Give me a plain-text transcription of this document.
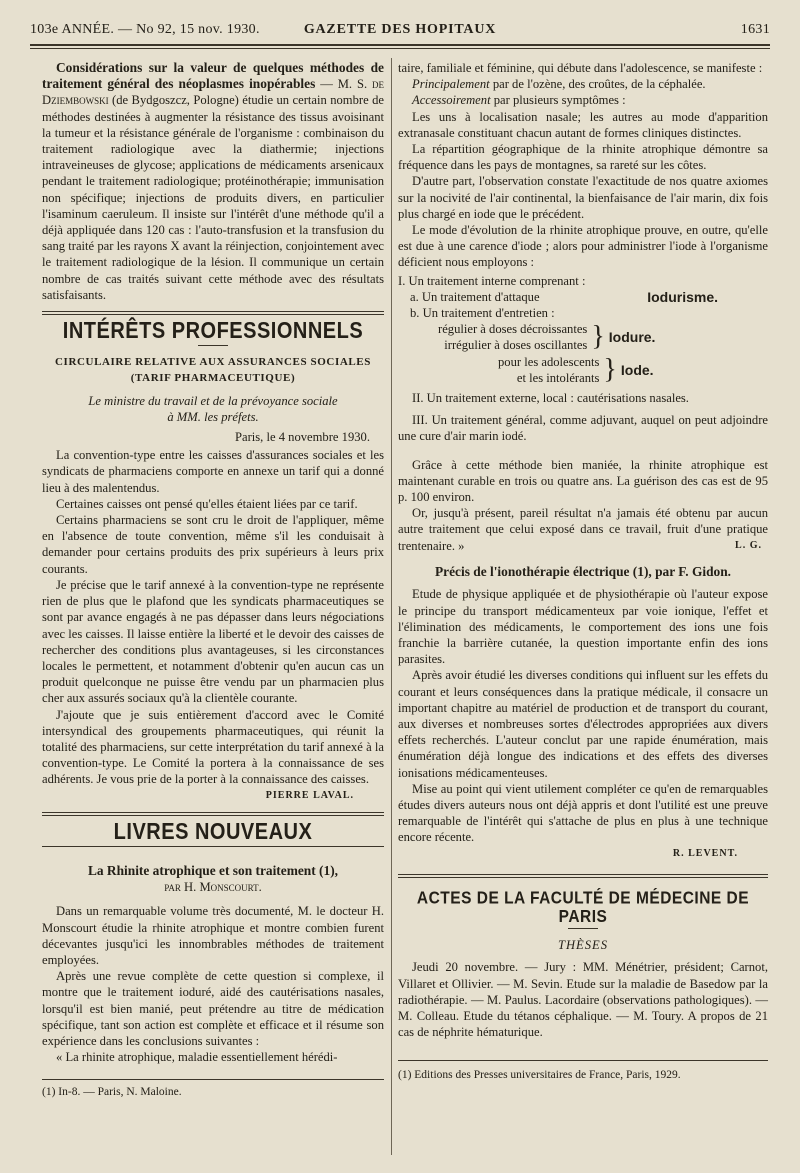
103e ANNÉE. — No 92, 15 nov. 1930.	GAZETTE DES HOPITAUX	1631

Considérations sur la valeur de quelques méthodes de traitement général des néoplasmes inopérables — M. S. de Dziembowski (de Bydgoszcz, Pologne) étudie un certain nombre de méthodes destinées à augmenter la résistance des tissus avoisinant la tumeur et la résistance générale de l'organisme : combinaison du traitement radiologique avec la diathermie; injections intraveineuses de glycose; applications de médicaments arsenicaux pendant le traitement radiologique; protéinothérapie; immunisation non spécifique; injections de produits divers, en particulier l'isaminum caeruleum. Il insiste sur l'intérêt d'une méthode qu'il a déjà appliquée dans 120 cas : l'auto-transfusion et la transfusion du sang traité par les rayons X avant la réinjection, conjointement avec le traitement radiologique de la lésion. Il communique un certain nombre de cas traités suivant cette méthode avec des résultats satisfaisants.

INTÉRÊTS PROFESSIONNELS
CIRCULAIRE RELATIVE AUX ASSURANCES SOCIALES
(TARIF PHARMACEUTIQUE)

Le ministre du travail et de la prévoyance sociale

à MM. les préfets.

Paris, le 4 novembre 1930.

La convention-type entre les caisses d'assurances sociales et les syndicats de pharmaciens comporte en annexe un tarif qui a donné lieu à des malentendus.

Certaines caisses ont pensé qu'elles étaient liées par ce tarif.

Certains pharmaciens se sont cru le droit de l'appliquer, même en l'absence de toute convention, même s'il les conduisait à demander pour certains produits des prix supérieurs à leurs prix courants.

Je précise que le tarif annexé à la convention-type ne représente rien de plus que le plafond que les syndicats pharmaceutiques se sont par avance engagés à ne pas dépasser dans leurs négociations avec les caisses. Il laisse entière la liberté et le devoir des caisses de rechercher des conditions plus avantageuses, si les circonstances locales le permettent, et notamment d'obtenir qu'en aucun cas un produit quelconque ne puisse être vendu par un pharmacien plus cher aux assurés sociaux qu'à la clientèle courante.

J'ajoute que je suis entièrement d'accord avec le Comité intersyndical des groupements pharmaceutiques, qui réunit la totalité des pharmaciens, sur cette interprétation du tarif annexé à la convention-type. Le Comité la portera à la connaissance de ses adhérents. Je vous prie de la porter à la connaissance des caisses.

PIERRE LAVAL.

LIVRES NOUVEAUX

La Rhinite atrophique et son traitement (1),

par H. Monscourt.

Dans un remarquable volume très documenté, M. le docteur H. Monscourt étudie la rhinite atrophique et montre combien furent décevantes jusqu'ici les innombrables méthodes de traitement employées.

Après une revue complète de cette question si complexe, il montre que le traitement ioduré, aidé des cautérisations nasales, lorsqu'il est bien manié, peut prétendre au titre de médication spécifique, tant son action est complète et efficace et il résume son expérience dans les conclusions suivantes :

« La rhinite atrophique, maladie essentiellement hérédi-

(1) In-8. — Paris, N. Maloine.

taire, familiale et féminine, qui débute dans l'adolescence, se manifeste :

Principalement par de l'ozène, des croûtes, de la céphalée.

Accessoirement par plusieurs symptômes :

Les uns à localisation nasale; les autres au mode d'apparition extranasale constituant chacun autant de formes cliniques distinctes.

La répartition géographique de la rhinite atrophique démontre sa fréquence dans les pays de montagnes, sa rareté sur les côtes.

D'autre part, l'observation constate l'exactitude de nos quatre axiomes sur la nocivité de l'air continental, la bienfaisance de l'air marin, dix fois plus chargé en iode que le précédent.

Le mode d'évolution de la rhinite atrophique prouve, en outre, qu'elle est due à une carence d'iode ; alors pour administrer l'iode à l'organisme déficient nous employons :

I. Un traitement interne comprenant :

a. Un traitement d'attaque	Iodurisme.

b. Un traitement d'entretien :

régulier à doses décroissantes
irrégulier à doses oscillantes } Iodure.
pour les adolescents
et les intolérants } Iode.

II. Un traitement externe, local : cautérisations nasales.

III. Un traitement général, comme adjuvant, auquel on peut adjoindre une cure d'air marin iodé.

Grâce à cette méthode bien maniée, la rhinite atrophique est maintenant curable en trois ou quatre ans. La guérison des cas est de 95 p. 100 environ.

Or, jusqu'à présent, pareil résultat n'a jamais été obtenu par aucun autre traitement que celui exposé dans ce travail, fruit d'une pratique trentenaire. »	L. G.

Précis de l'ionothérapie électrique (1), par F. Gidon.

Etude de physique appliquée et de physiothérapie où l'auteur expose le principe du transport médicamenteux par voie ionique, l'effet et l'élimination des médicaments, le comportement des ions une fois franchie la barrière cutanée, la question importante enfin des ions parasites.

Après avoir étudié les diverses conditions qui influent sur les effets du courant et leurs conséquences dans la pratique médicale, il consacre un important chapitre au matériel de production et de transport du courant, aux diverses et nombreuses sortes d'électrodes appropriées aux divers effets recherchés. L'auteur conclut par une rapide énumération, mais énumération déjà longue des indications et des effets des diverses ionisations médicamenteuses.

Mise au point qui vient utilement compléter ce qu'en de remarquables études divers auteurs nous ont déjà appris et dont l'utilité est une preuve remarquable de l'intérêt qui s'attache de plus en plus à une technique encore récente.

R. LEVENT.

ACTES DE LA FACULTÉ DE MÉDECINE DE PARIS

THÈSES

Jeudi 20 novembre. — Jury : MM. Ménétrier, président; Carnot, Villaret et Ollivier. — M. Sevin. Etude sur la maladie de Basedow par la radiothérapie. — M. Paulus. Lacordaire (observations pathologiques). — M. Colleau. Etude du tétanos céphalique. — M. Toury. A propos de 21 cas de néphrite hématurique.

(1) Editions des Presses universitaires de France, Paris, 1929.
